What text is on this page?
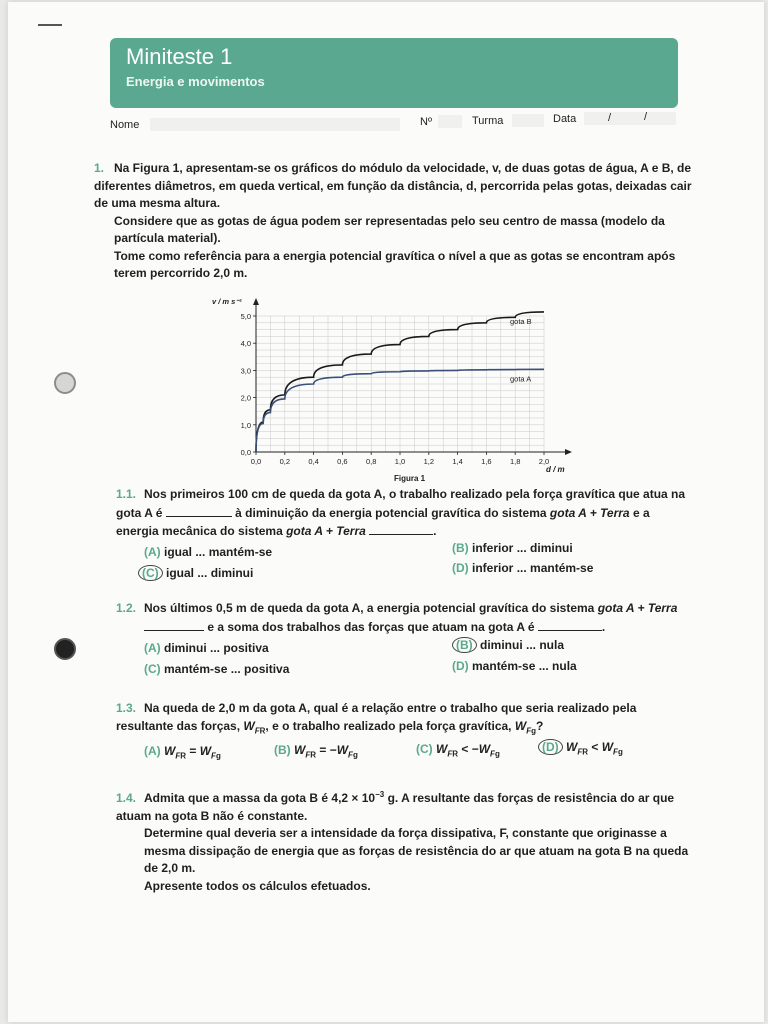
Miniteste 1
Energia e movimentos
Nome	Nº	Turma	Data	/	/
1. Na Figura 1, apresentam-se os gráficos do módulo da velocidade, v, de duas gotas de água, A e B, de diferentes diâmetros, em queda vertical, em função da distância, d, percorrida pelas gotas, deixadas cair de uma mesma altura.
Considere que as gotas de água podem ser representadas pelo seu centro de massa (modelo da partícula material).
Tome como referência para a energia potencial gravítica o nível a que as gotas se encontram após terem percorrido 2,0 m.
0,0 0,2 0,4 0,6 0,8 1,0 1,2 1,4 1,6 1,8 2,0
0,0
1,0
2,0
3,0
4,0
5,0
v / m s⁻¹
d / m
gota B
gota A
Figura 1
1.1. Nos primeiros 100 cm de queda da gota A, o trabalho realizado pela força gravítica que atua na gota A é	à diminuição da energia potencial gravítica do sistema gota A + Terra e a energia mecânica do sistema gota A + Terra	.
(A) igual ... mantém-se	(B) inferior ... diminui
(C) igual ... diminui	(D) inferior ... mantém-se
1.2. Nos últimos 0,5 m de queda da gota A, a energia potencial gravítica do sistema gota A + Terra
e a soma dos trabalhos das forças que atuam na gota A é	.
(A) diminui ... positiva	(B) diminui ... nula
(C) mantém-se ... positiva	(D) mantém-se ... nula
1.3. Na queda de 2,0 m da gota A, qual é a relação entre o trabalho que seria realizado pela resultante das forças, $W_{FR}$, e o trabalho realizado pela força gravítica, $W_{Fg}$?
(A) $W_{FR} = W_{Fg}$	(B) $W_{FR} = -W_{Fg}$	(C) $W_{FR} < -W_{Fg}$	(D) $W_{FR} < W_{Fg}$
1.4. Admita que a massa da gota B é $4,2 \times 10^{-3}$ g. A resultante das forças de resistência do ar que atuam na gota B não é constante.
Determine qual deveria ser a intensidade da força dissipativa, F, constante que originasse a mesma dissipação de energia que as forças de resistência do ar que atuam na gota B na queda de 2,0 m.
Apresente todos os cálculos efetuados.
